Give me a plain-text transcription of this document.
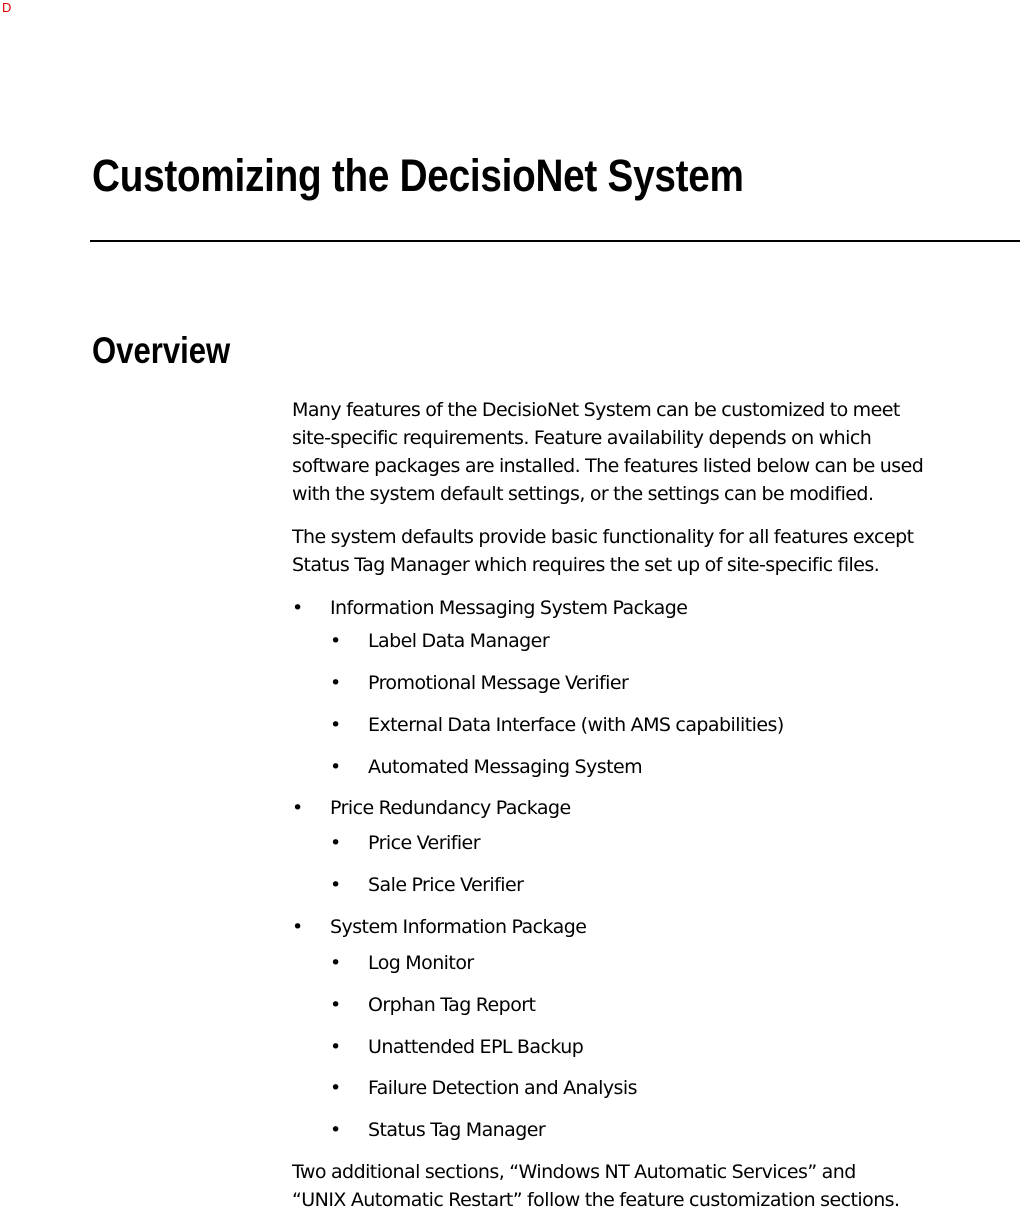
D
Customizing the DecisioNet System
Overview
Many features of the DecisioNet System can be customized to meet
site-specific requirements. Feature availability depends on which
software packages are installed. The features listed below can be used
with the system default settings, or the settings can be modified.
The system defaults provide basic functionality for all features except
Status Tag Manager which requires the set up of site-specific files.
• Information Messaging System Package
• Label Data Manager
• Promotional Message Verifier
• External Data Interface (with AMS capabilities)
• Automated Messaging System
• Price Redundancy Package
• Price Verifier
• Sale Price Verifier
• System Information Package
• Log Monitor
• Orphan Tag Report
• Unattended EPL Backup
• Failure Detection and Analysis
• Status Tag Manager
Two additional sections, “Windows NT Automatic Services” and
“UNIX Automatic Restart” follow the feature customization sections.
